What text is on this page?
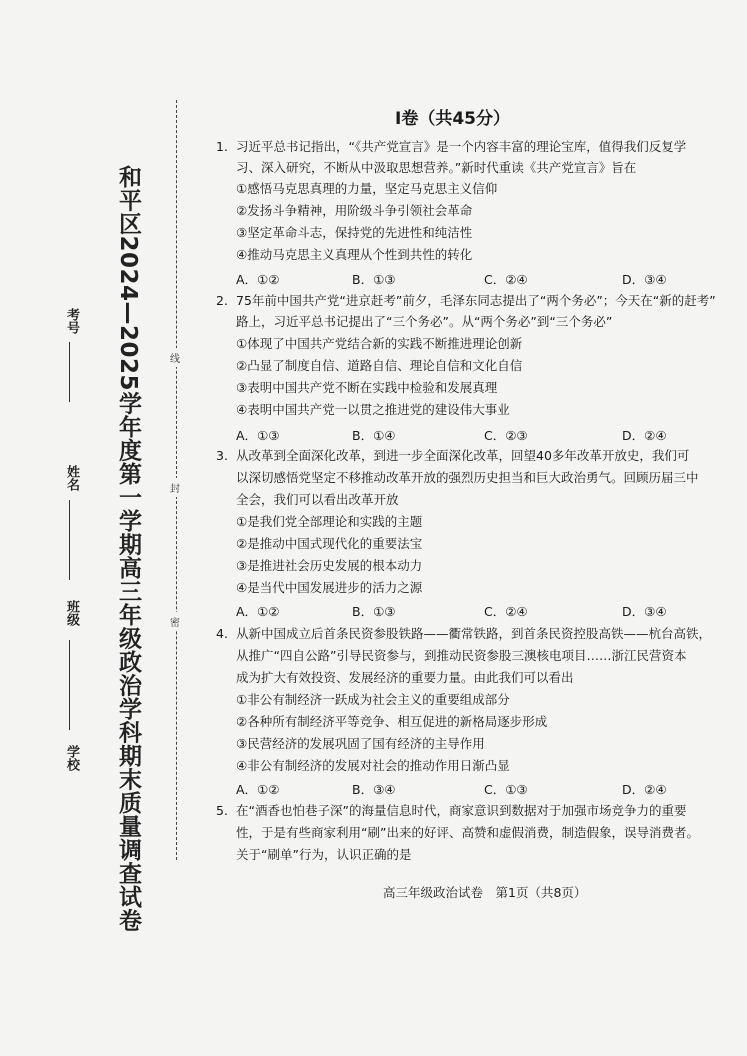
和平区2024—2025学年度第一学期高三年级政治学科期末质量调查试卷
考号
姓名
班级
学校
线
封
密
I卷（共45分）
1. 习近平总书记指出，“《共产党宣言》是一个内容丰富的理论宝库，值得我们反复学
习、深入研究，不断从中汲取思想营养。”新时代重读《共产党宣言》旨在
①感悟马克思真理的力量，坚定马克思主义信仰
②发扬斗争精神，用阶级斗争引领社会革命
③坚定革命斗志，保持党的先进性和纯洁性
④推动马克思主义真理从个性到共性的转化
A．①②	B．①③	C．②④	D．③④
2. 75年前中国共产党“进京赶考”前夕，毛泽东同志提出了“两个务必”；今天在“新的赶考”
路上，习近平总书记提出了“三个务必”。从“两个务必”到“三个务必”
①体现了中国共产党结合新的实践不断推进理论创新
②凸显了制度自信、道路自信、理论自信和文化自信
③表明中国共产党不断在实践中检验和发展真理
④表明中国共产党一以贯之推进党的建设伟大事业
A．①③	B．①④	C．②③	D．②④
3. 从改革到全面深化改革，到进一步全面深化改革，回望40多年改革开放史，我们可
以深切感悟党坚定不移推动改革开放的强烈历史担当和巨大政治勇气。回顾历届三中
全会，我们可以看出改革开放
①是我们党全部理论和实践的主题
②是推动中国式现代化的重要法宝
③是推进社会历史发展的根本动力
④是当代中国发展进步的活力之源
A．①②	B．①③	C．②④	D．③④
4. 从新中国成立后首条民资参股铁路——衢常铁路，到首条民资控股高铁——杭台高铁，
从推广“四自公路”引导民资参与，到推动民资参股三澳核电项目……浙江民营资本
成为扩大有效投资、发展经济的重要力量。由此我们可以看出
①非公有制经济一跃成为社会主义的重要组成部分
②各种所有制经济平等竞争、相互促进的新格局逐步形成
③民营经济的发展巩固了国有经济的主导作用
④非公有制经济的发展对社会的推动作用日渐凸显
A．①②	B．③④	C．①③	D．②④
5. 在“酒香也怕巷子深”的海量信息时代，商家意识到数据对于加强市场竞争力的重要
性，于是有些商家利用“刷”出来的好评、高赞和虚假消费，制造假象，误导消费者。
关于“刷单”行为，认识正确的是
高三年级政治试卷　第1页（共8页）
